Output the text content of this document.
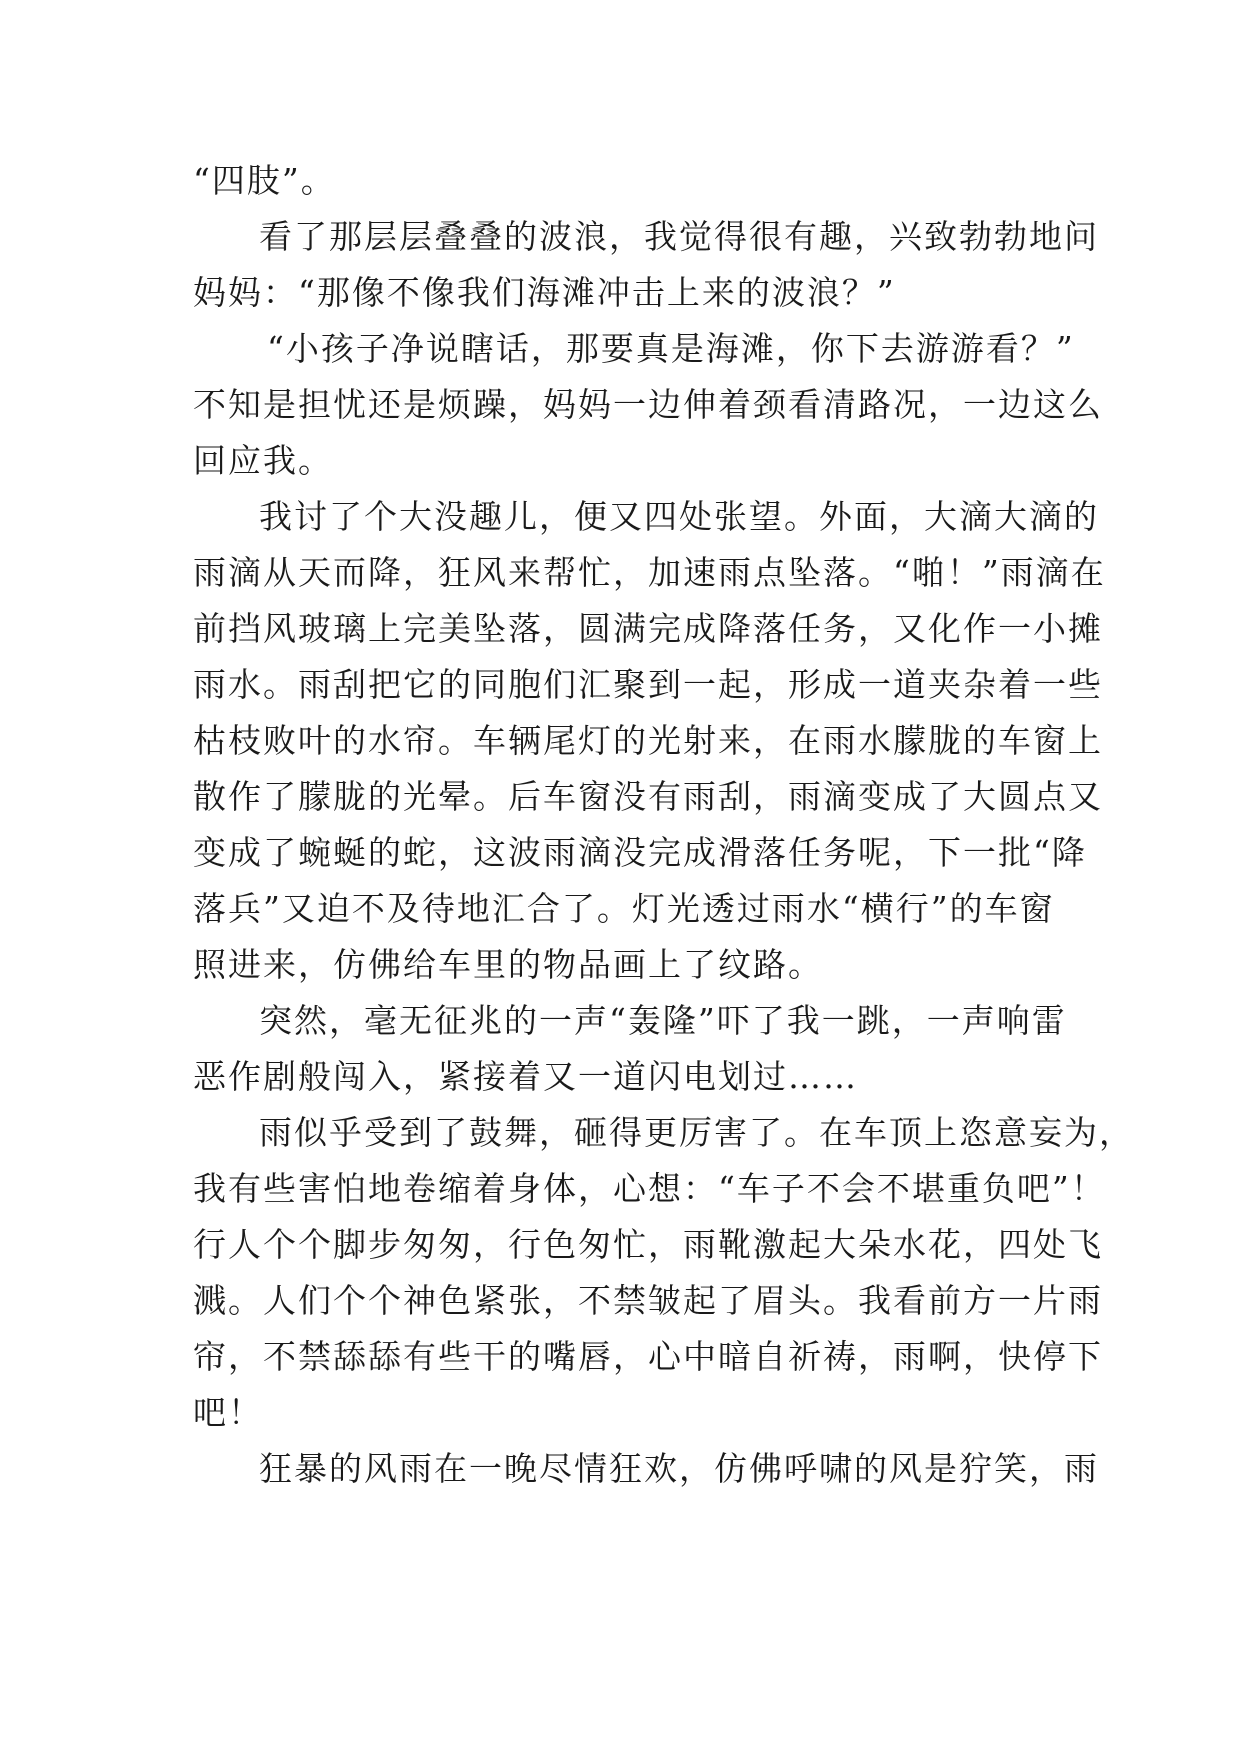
“四肢”。
看了那层层叠叠的波浪，我觉得很有趣，兴致勃勃地问
妈妈：“那像不像我们海滩冲击上来的波浪？”
“小孩子净说瞎话，那要真是海滩，你下去游游看？”
不知是担忧还是烦躁，妈妈一边伸着颈看清路况，一边这么
回应我。
我讨了个大没趣儿，便又四处张望。外面，大滴大滴的
雨滴从天而降，狂风来帮忙，加速雨点坠落。“啪！”雨滴在
前挡风玻璃上完美坠落，圆满完成降落任务，又化作一小摊
雨水。雨刮把它的同胞们汇聚到一起，形成一道夹杂着一些
枯枝败叶的水帘。车辆尾灯的光射来，在雨水朦胧的车窗上
散作了朦胧的光晕。后车窗没有雨刮，雨滴变成了大圆点又
变成了蜿蜒的蛇，这波雨滴没完成滑落任务呢，下一批“降
落兵”又迫不及待地汇合了。灯光透过雨水“横行”的车窗
照进来，仿佛给车里的物品画上了纹路。
突然，毫无征兆的一声“轰隆”吓了我一跳，一声响雷
恶作剧般闯入，紧接着又一道闪电划过……
雨似乎受到了鼓舞，砸得更厉害了。在车顶上恣意妄为，
我有些害怕地卷缩着身体，心想：“车子不会不堪重负吧”！
行人个个脚步匆匆，行色匆忙，雨靴激起大朵水花，四处飞
溅。人们个个神色紧张，不禁皱起了眉头。我看前方一片雨
帘，不禁舔舔有些干的嘴唇，心中暗自祈祷，雨啊，快停下
吧！
狂暴的风雨在一晚尽情狂欢，仿佛呼啸的风是狞笑，雨
